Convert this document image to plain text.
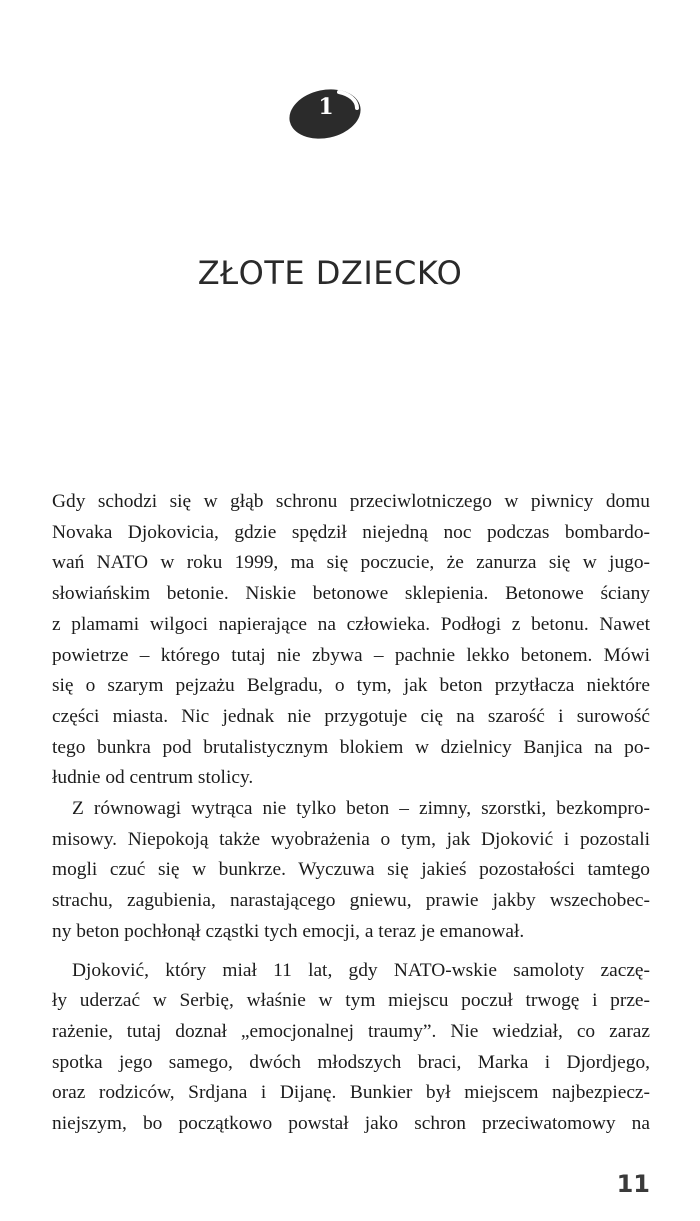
1
ZŁOTE DZIECKO

Gdy schodzi się w głąb schronu przeciwlotniczego w piwnicy domu
Novaka Djokovicia, gdzie spędził niejedną noc podczas bombardo-
wań NATO w roku 1999, ma się poczucie, że zanurza się w jugo-
słowiańskim betonie. Niskie betonowe sklepienia. Betonowe ściany
z plamami wilgoci napierające na człowieka. Podłogi z betonu. Nawet
powietrze – którego tutaj nie zbywa – pachnie lekko betonem. Mówi
się o szarym pejzażu Belgradu, o tym, jak beton przytłacza niektóre
części miasta. Nic jednak nie przygotuje cię na szarość i surowość
tego bunkra pod brutalistycznym blokiem w dzielnicy Banjica na po-
łudnie od centrum stolicy.

Z równowagi wytrąca nie tylko beton – zimny, szorstki, bezkompro-
misowy. Niepokoją także wyobrażenia o tym, jak Djoković i pozostali
mogli czuć się w bunkrze. Wyczuwa się jakieś pozostałości tamtego
strachu, zagubienia, narastającego gniewu, prawie jakby wszechobec-
ny beton pochłonął cząstki tych emocji, a teraz je emanował.

Djoković, który miał 11 lat, gdy NATO-wskie samoloty zaczę-
ły uderzać w Serbię, właśnie w tym miejscu poczuł trwogę i prze-
rażenie, tutaj doznał „emocjonalnej traumy”. Nie wiedział, co zaraz
spotka jego samego, dwóch młodszych braci, Marka i Djordjego,
oraz rodziców, Srdjana i Dijanę. Bunkier był miejscem najbezpiecz-
niejszym, bo początkowo powstał jako schron przeciwatomowy na

11
